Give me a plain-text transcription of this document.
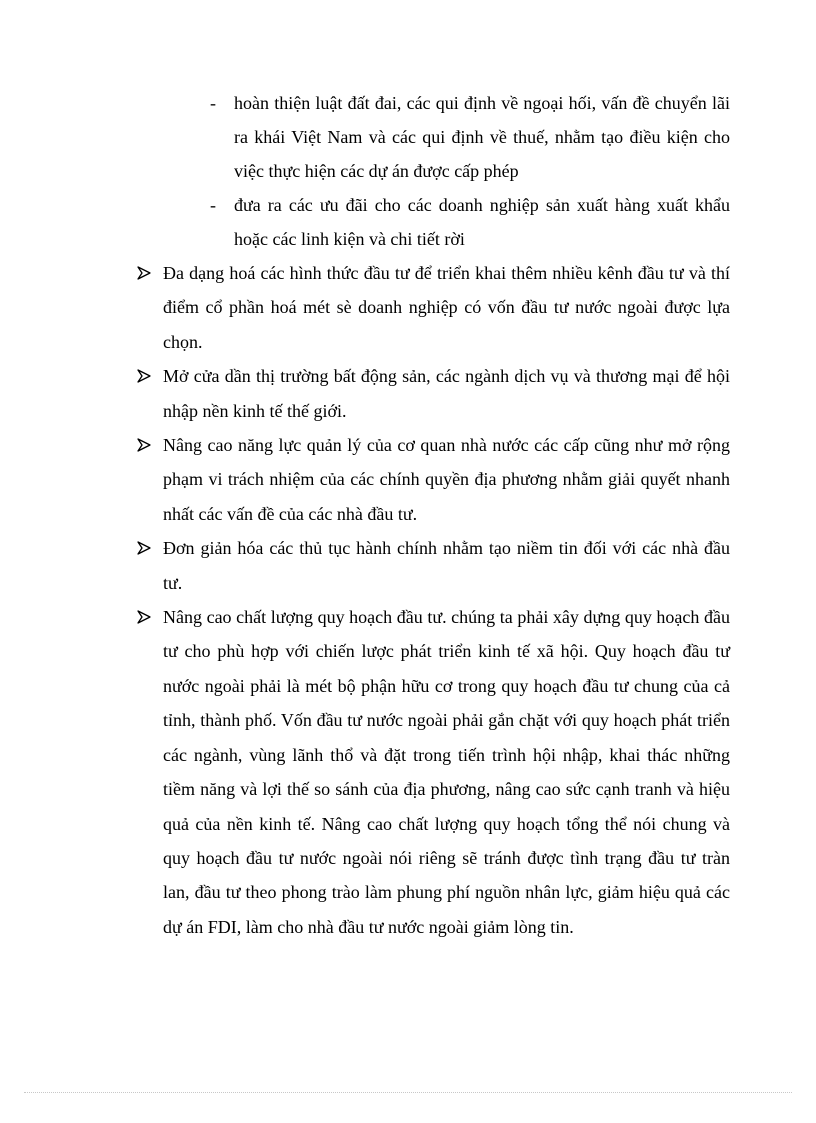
-	hoàn thiện luật đất đai, các qui định về ngoại hối, vấn đề chuyển lãi ra khái Việt Nam và các qui định về thuế, nhằm tạo điều kiện cho việc thực hiện các dự án được cấp phép
-	đưa ra các ưu đãi cho các doanh nghiệp sản xuất hàng xuất khẩu hoặc các linh kiện và chi tiết rời
Đa dạng hoá các hình thức đầu tư để triển khai thêm nhiều kênh đầu tư và thí điểm cổ phần hoá mét sè doanh nghiệp có vốn đầu tư nước ngoài được lựa chọn.
Mở cửa dần thị trường bất động sản, các ngành dịch vụ và thương mại để hội nhập nền kinh tế thế giới.
Nâng cao năng lực quản lý của cơ quan nhà nước các cấp cũng như mở rộng phạm vi trách nhiệm của các chính quyền địa phương nhằm giải quyết nhanh nhất các vấn đề của các nhà đầu tư.
Đơn giản hóa các thủ tục hành chính nhằm tạo niềm tin đối với các nhà đầu tư.
Nâng cao chất lượng quy hoạch đầu tư. chúng ta phải xây dựng quy hoạch đầu tư cho phù hợp với chiến lược phát triển kinh tế xã hội. Quy hoạch đầu tư nước ngoài phải là mét bộ phận hữu cơ trong quy hoạch đầu tư chung của cả tỉnh, thành phố. Vốn đầu tư nước ngoài phải gắn chặt với quy hoạch phát triển các ngành, vùng lãnh thổ và đặt trong tiến trình hội nhập, khai thác những tiềm năng và lợi thế so sánh của địa phương, nâng cao sức cạnh tranh và hiệu quả của nền kinh tế. Nâng cao chất lượng quy hoạch tổng thể nói chung và quy hoạch đầu tư nước ngoài nói riêng sẽ tránh được tình trạng đầu tư tràn lan, đầu tư theo phong trào làm phung phí nguồn nhân lực, giảm hiệu quả các dự án FDI, làm cho nhà đầu tư nước ngoài giảm lòng tin.
